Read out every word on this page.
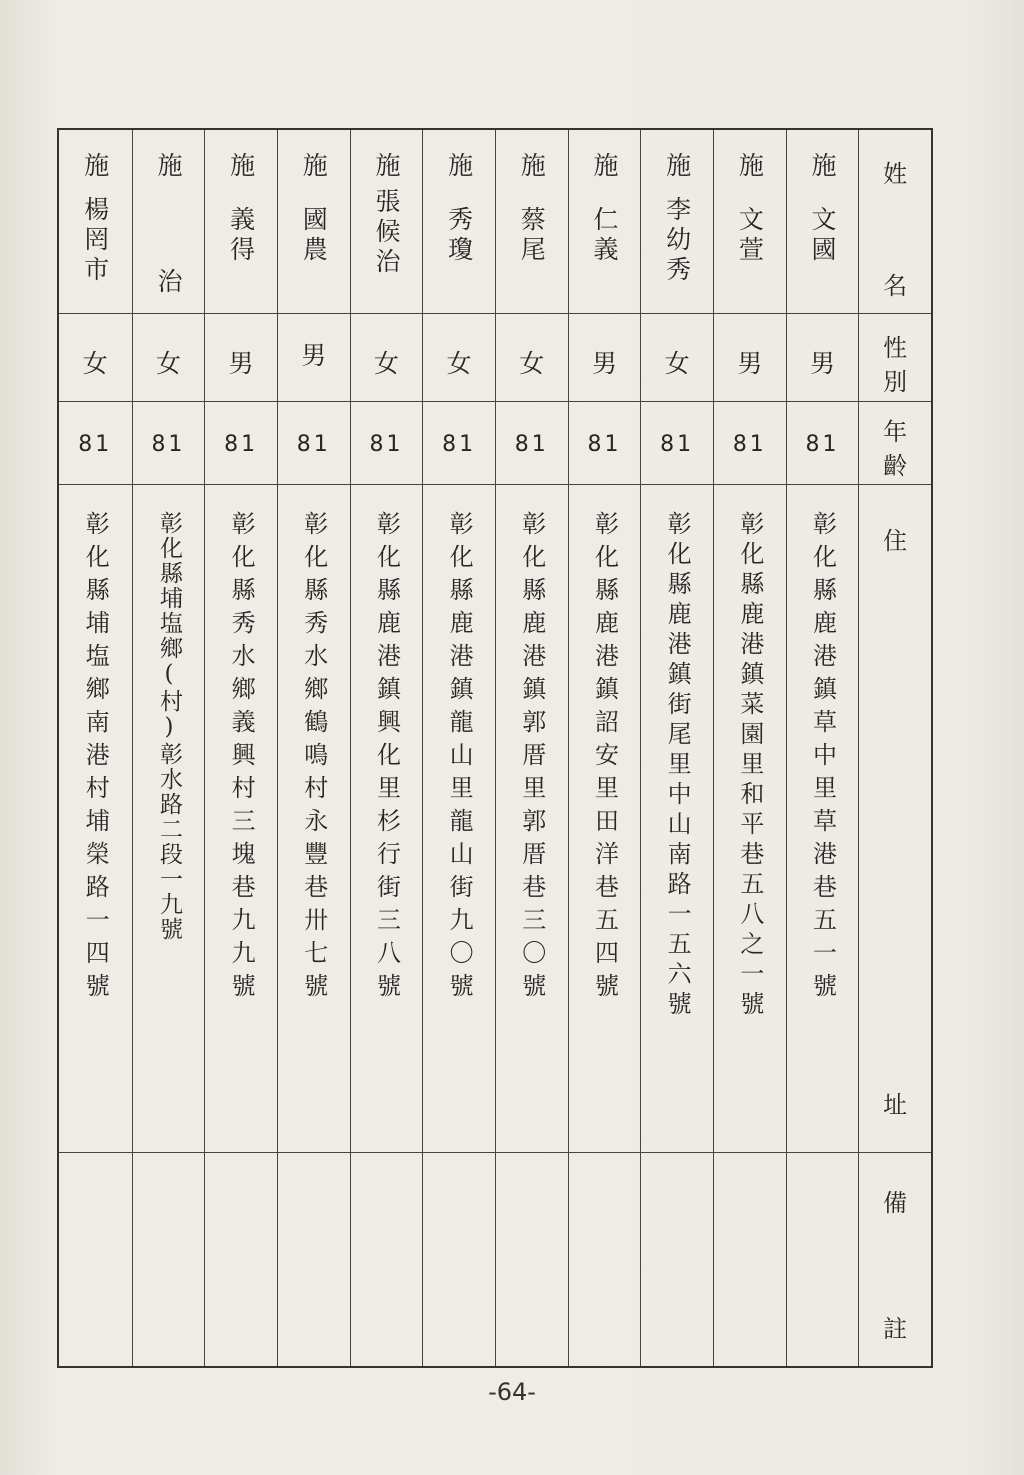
姓
名
性
別
年
齡
住
址
備
註
施
文國
男
81
彰化縣鹿港鎮草中里草港巷五一號
施
文萱
男
81
彰化縣鹿港鎮菜園里和平巷五八之一號
施
李幼秀
女
81
彰化縣鹿港鎮街尾里中山南路一五六號
施
仁義
男
81
彰化縣鹿港鎮詔安里田洋巷五四號
施
蔡尾
女
81
彰化縣鹿港鎮郭厝里郭厝巷三〇號
施
秀瓊
女
81
彰化縣鹿港鎮龍山里龍山街九〇號
施
張候治
女
81
彰化縣鹿港鎮興化里杉行街三八號
施
國農
男
81
彰化縣秀水鄉鶴鳴村永豐巷卅七號
施
義得
男
81
彰化縣秀水鄉義興村三塊巷九九號
施
治
女
81
彰化縣埔塩鄉(村)彰水路二段一九號
施
楊罔市
女
81
彰化縣埔塩鄉南港村埔榮路一四號
-64-
